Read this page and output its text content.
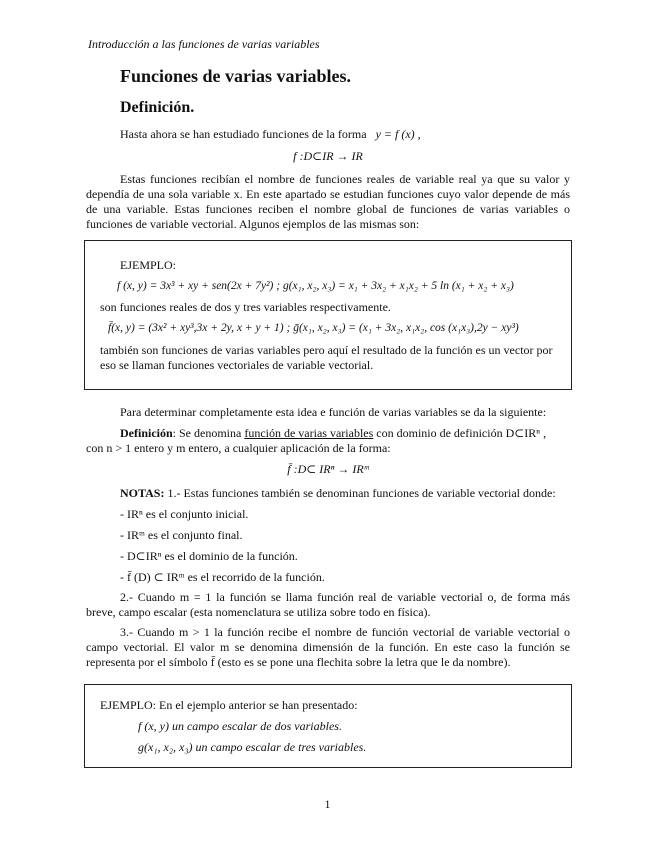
Introducción a las funciones de varias variables
Funciones de varias variables.
Definición.
Hasta ahora se han estudiado funciones de la forma y = f (x) ,
f :D⊂IR → IR
Estas funciones recibían el nombre de funciones reales de variable real ya que su valor y dependía de una sola variable x. En este apartado se estudian funciones cuyo valor depende de más de una variable. Estas funciones reciben el nombre global de funciones de varias variables o funciones de variable vectorial. Algunos ejemplos de las mismas son:
EJEMPLO:
f (x, y) = 3x³ + xy + sen(2x + 7y²) ; g(x₁, x₂, x₃) = x₁ + 3x₂ + x₁x₂ + 5 ln (x₁ + x₂ + x₃)
son funciones reales de dos y tres variables respectivamente.
f̄(x, y) = (3x² + xy³,3x + 2y, x + y + 1) ; ḡ(x₁, x₂, x₃) = (x₁ + 3x₂, x₁x₂, cos (x₁x₃),2y − xy³)
también son funciones de varias variables pero aquí el resultado de la función es un vector por
eso se llaman funciones vectoriales de variable vectorial.
Para determinar completamente esta idea e función de varias variables se da la siguiente:
Definición: Se denomina función de varias variables con dominio de definición D⊂IRⁿ ,
con n > 1 entero y m entero, a cualquier aplicación de la forma:
f̄ :D⊂ IRⁿ → IRᵐ
NOTAS: 1.- Estas funciones también se denominan funciones de variable vectorial donde:
- IRⁿ es el conjunto inicial.
- IRᵐ es el conjunto final.
- D⊂IRⁿ es el dominio de la función.
- f̄ (D) ⊂ IRᵐ es el recorrido de la función.
2.- Cuando m = 1 la función se llama función real de variable vectorial o, de forma más breve, campo escalar (esta nomenclatura se utiliza sobre todo en física).
3.- Cuando m > 1 la función recibe el nombre de función vectorial de variable vectorial o campo vectorial. El valor m se denomina dimensión de la función. En este caso la función se representa por el símbolo f̄ (esto es se pone una flechita sobre la letra que le da nombre).
EJEMPLO: En el ejemplo anterior se han presentado:
f (x, y) un campo escalar de dos variables.
g(x₁, x₂, x₃) un campo escalar de tres variables.
1
